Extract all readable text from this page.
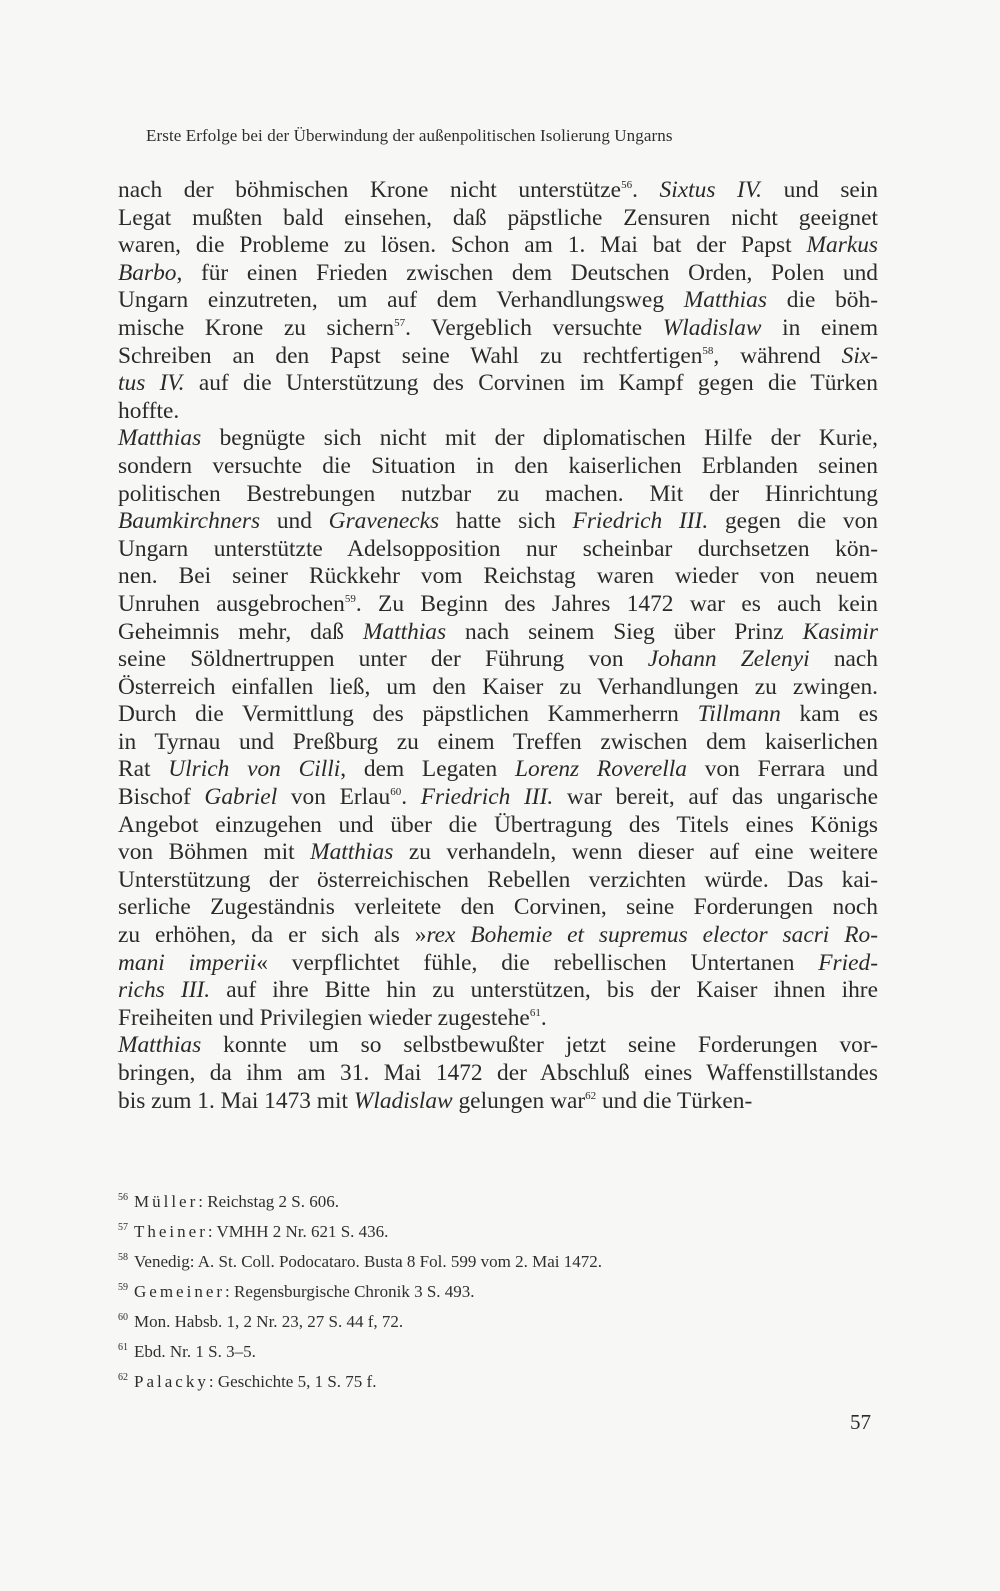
Erste Erfolge bei der Überwindung der außenpolitischen Isolierung Ungarns
nach der böhmischen Krone nicht unterstütze$^{56}$. Sixtus IV. und sein
Legat mußten bald einsehen, daß päpstliche Zensuren nicht geeignet
waren, die Probleme zu lösen. Schon am 1. Mai bat der Papst Markus
Barbo, für einen Frieden zwischen dem Deutschen Orden, Polen und
Ungarn einzutreten, um auf dem Verhandlungsweg Matthias die böh-
mische Krone zu sichern$^{57}$. Vergeblich versuchte Wladislaw in einem
Schreiben an den Papst seine Wahl zu rechtfertigen$^{58}$, während Six-
tus IV. auf die Unterstützung des Corvinen im Kampf gegen die Türken
hoffte.
Matthias begnügte sich nicht mit der diplomatischen Hilfe der Kurie,
sondern versuchte die Situation in den kaiserlichen Erblanden seinen
politischen Bestrebungen nutzbar zu machen. Mit der Hinrichtung
Baumkirchners und Gravenecks hatte sich Friedrich III. gegen die von
Ungarn unterstützte Adelsopposition nur scheinbar durchsetzen kön-
nen. Bei seiner Rückkehr vom Reichstag waren wieder von neuem
Unruhen ausgebrochen$^{59}$. Zu Beginn des Jahres 1472 war es auch kein
Geheimnis mehr, daß Matthias nach seinem Sieg über Prinz Kasimir
seine Söldnertruppen unter der Führung von Johann Zelenyi nach
Österreich einfallen ließ, um den Kaiser zu Verhandlungen zu zwingen.
Durch die Vermittlung des päpstlichen Kammerherrn Tillmann kam es
in Tyrnau und Preßburg zu einem Treffen zwischen dem kaiserlichen
Rat Ulrich von Cilli, dem Legaten Lorenz Roverella von Ferrara und
Bischof Gabriel von Erlau$^{60}$. Friedrich III. war bereit, auf das ungarische
Angebot einzugehen und über die Übertragung des Titels eines Königs
von Böhmen mit Matthias zu verhandeln, wenn dieser auf eine weitere
Unterstützung der österreichischen Rebellen verzichten würde. Das kai-
serliche Zugeständnis verleitete den Corvinen, seine Forderungen noch
zu erhöhen, da er sich als »rex Bohemie et supremus elector sacri Ro-
mani imperii« verpflichtet fühle, die rebellischen Untertanen Fried-
richs III. auf ihre Bitte hin zu unterstützen, bis der Kaiser ihnen ihre
Freiheiten und Privilegien wieder zugestehe$^{61}$.
Matthias konnte um so selbstbewußter jetzt seine Forderungen vor-
bringen, da ihm am 31. Mai 1472 der Abschluß eines Waffenstillstandes
bis zum 1. Mai 1473 mit Wladislaw gelungen war$^{62}$ und die Türken-
$^{56}$ Müller: Reichstag 2 S. 606.
$^{57}$ Theiner: VMHH 2 Nr. 621 S. 436.
$^{58}$ Venedig: A. St. Coll. Podocataro. Busta 8 Fol. 599 vom 2. Mai 1472.
$^{59}$ Gemeiner: Regensburgische Chronik 3 S. 493.
$^{60}$ Mon. Habsb. 1, 2 Nr. 23, 27 S. 44 f, 72.
$^{61}$ Ebd. Nr. 1 S. 3–5.
$^{62}$ Palacky: Geschichte 5, 1 S. 75 f.
57
